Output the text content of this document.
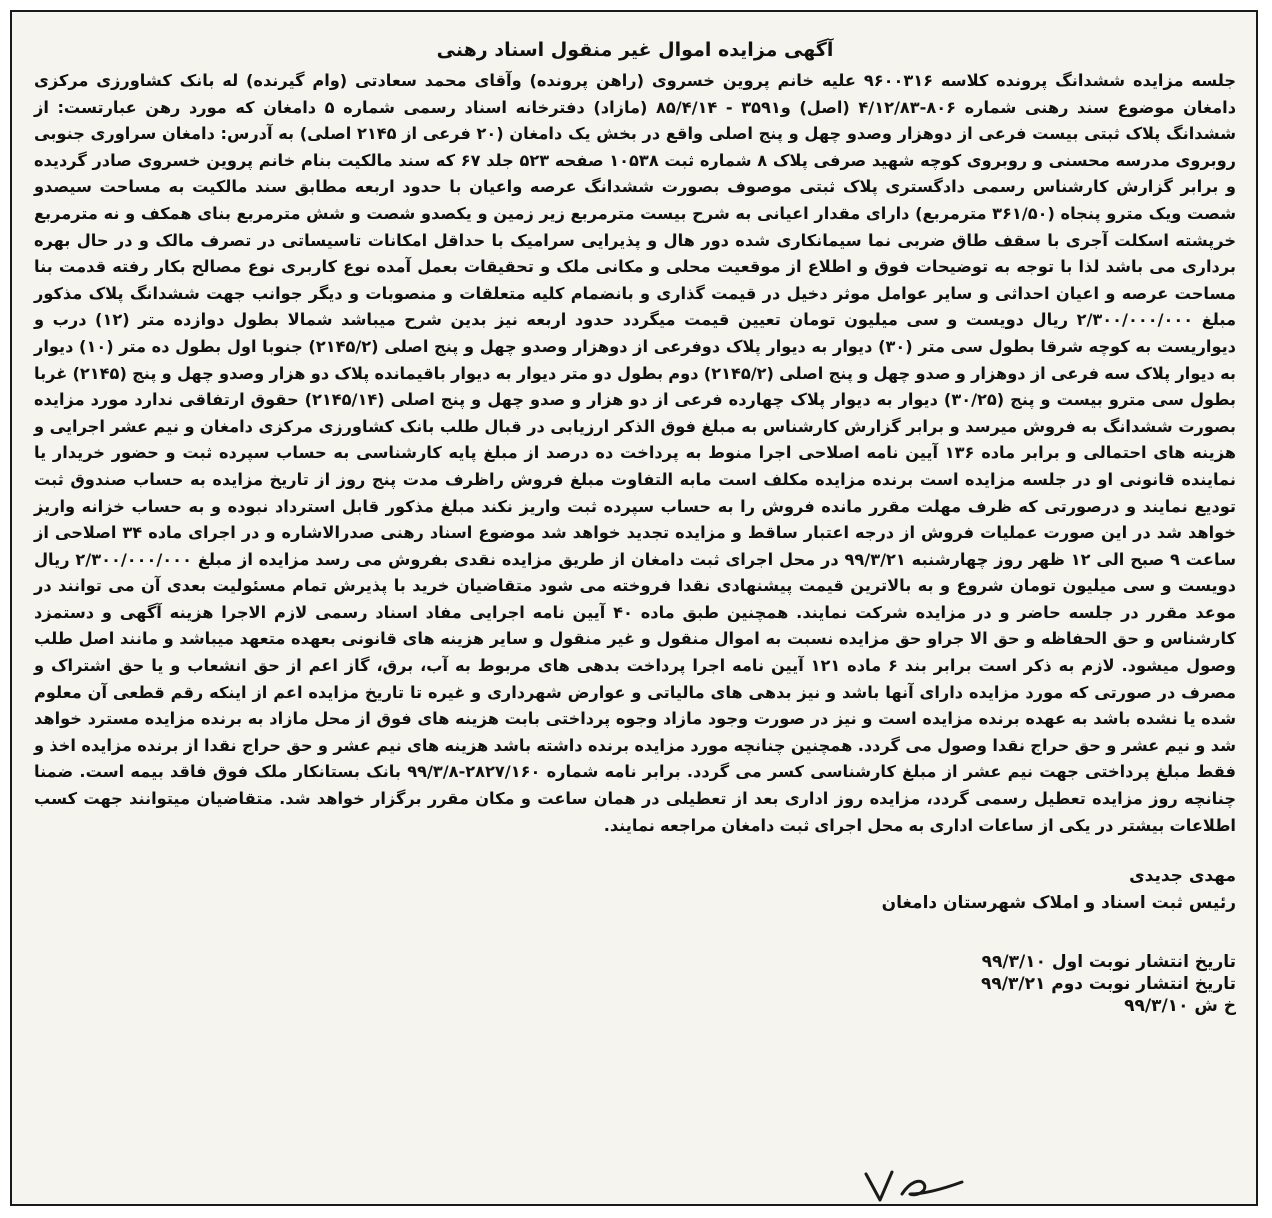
آگهی مزایده اموال غیر منقول اسناد رهنی

جلسه مزایده ششدانگ پرونده کلاسه ۹۶۰۰۳۱۶ علیه خانم پروین خسروی (راهن پرونده) وآقای محمد سعادتی (وام گیرنده) له بانک کشاورزی مرکزی دامغان موضوع سند رهنی شماره ۸۰۶-۴/۱۲/۸۳ (اصل) و۳۵۹۱ - ۸۵/۴/۱۴ (مازاد) دفترخانه اسناد رسمی شماره ۵ دامغان که مورد رهن عبارتست: از ششدانگ پلاک ثبتی بیست فرعی از دوهزار وصدو چهل و پنج اصلی واقع در بخش یک دامغان (۲۰ فرعی از ۲۱۴۵ اصلی) به آدرس: دامغان سراوری جنوبی روبروی مدرسه محسنی و روبروی کوچه شهید صرفی پلاک ۸ شماره ثبت ۱۰۵۳۸ صفحه ۵۲۳ جلد ۶۷ که سند مالکیت بنام خانم پروین خسروی صادر گردیده و برابر گزارش کارشناس رسمی دادگستری پلاک ثبتی موصوف بصورت ششدانگ عرصه واعیان با حدود اربعه مطابق سند مالکیت به مساحت سیصدو شصت ویک مترو پنجاه (۳۶۱/۵۰ مترمربع) دارای مقدار اعیانی به شرح بیست مترمربع زیر زمین و یکصدو شصت و شش مترمربع بنای همکف و نه مترمربع خرپشته اسکلت آجری با سقف طاق ضربی نما سیمانکاری شده دور هال و پذیرایی سرامیک با حداقل امکانات تاسیساتی در تصرف مالک و در حال بهره برداری می باشد لذا با توجه به توضیحات فوق و اطلاع از موقعیت محلی و مکانی ملک و تحقیقات بعمل آمده نوع کاربری نوع مصالح بکار رفته قدمت بنا مساحت عرصه و اعیان احداثی و سایر عوامل موثر دخیل در قیمت گذاری و بانضمام کلیه متعلقات و منصوبات و دیگر جوانب جهت ششدانگ پلاک مذکور مبلغ ۲/۳۰۰/۰۰۰/۰۰۰ ریال دویست و سی میلیون تومان تعیین قیمت میگردد حدود اربعه نیز بدین شرح میباشد شمالا بطول دوازده متر (۱۲) درب و دیواریست به کوچه شرقا بطول سی متر (۳۰) دیوار به دیوار پلاک دوفرعی از دوهزار وصدو چهل و پنج اصلی (۲۱۴۵/۲) جنوبا اول بطول ده متر (۱۰) دیوار به دیوار پلاک سه فرعی از دوهزار و صدو چهل و پنج اصلی (۲۱۴۵/۲) دوم بطول دو متر دیوار به دیوار باقیمانده پلاک دو هزار وصدو چهل و پنج (۲۱۴۵) غربا بطول سی مترو بیست و پنج (۳۰/۲۵) دیوار به دیوار پلاک چهارده فرعی از دو هزار و صدو چهل و پنج اصلی (۲۱۴۵/۱۴) حقوق ارتفاقی ندارد مورد مزایده بصورت ششدانگ به فروش میرسد و برابر گزارش کارشناس به مبلغ فوق الذکر ارزیابی در قبال طلب بانک کشاورزی مرکزی دامغان و نیم عشر اجرایی و هزینه های احتمالی و برابر ماده ۱۳۶ آیین نامه اصلاحی اجرا منوط به پرداخت ده درصد از مبلغ پایه کارشناسی به حساب سپرده ثبت و حضور خریدار یا نماینده قانونی او در جلسه مزایده است برنده مزایده مکلف است مابه التفاوت مبلغ فروش راظرف مدت پنج روز از تاریخ مزایده به حساب صندوق ثبت تودیع نمایند و درصورتی که ظرف مهلت مقرر مانده فروش را به حساب سپرده ثبت واریز نکند مبلغ مذکور قابل استرداد نبوده و به حساب خزانه واریز خواهد شد در این صورت عملیات فروش از درجه اعتبار ساقط و مزایده تجدید خواهد شد موضوع اسناد رهنی صدرالاشاره و در اجرای ماده ۳۴ اصلاحی از ساعت ۹ صبح الی ۱۲ ظهر روز چهارشنبه ۹۹/۳/۲۱ در محل اجرای ثبت دامغان از طریق مزایده نقدی بفروش می رسد مزایده از مبلغ ۲/۳۰۰/۰۰۰/۰۰۰ ریال دویست و سی میلیون تومان شروع و به بالاترین قیمت پیشنهادی نقدا فروخته می شود متقاضیان خرید با پذیرش تمام مسئولیت بعدی آن می توانند در موعد مقرر در جلسه حاضر و در مزایده شرکت نمایند. همچنین طبق ماده ۴۰ آیین نامه اجرایی مفاد اسناد رسمی لازم الاجرا هزینه آگهی و دستمزد کارشناس و حق الحفاظه و حق الا جراو حق مزایده نسبت به اموال منقول و غیر منقول و سایر هزینه های قانونی بعهده متعهد میباشد و مانند اصل طلب وصول میشود. لازم به ذکر است برابر بند ۶ ماده ۱۲۱ آیین نامه اجرا پرداخت بدهی های مربوط به آب، برق، گاز اعم از حق انشعاب و یا حق اشتراک و مصرف در صورتی که مورد مزایده دارای آنها باشد و نیز بدهی های مالیاتی و عوارض شهرداری و غیره تا تاریخ مزایده اعم از اینکه رقم قطعی آن معلوم شده یا نشده باشد به عهده برنده مزایده است و نیز در صورت وجود مازاد وجوه پرداختی بابت هزینه های فوق از محل مازاد به برنده مزایده مسترد خواهد شد و نیم عشر و حق حراج نقدا وصول می گردد. همچنین چنانچه مورد مزایده برنده داشته باشد هزینه های نیم عشر و حق حراج نقدا از برنده مزایده اخذ و فقط مبلغ پرداختی جهت نیم عشر از مبلغ کارشناسی کسر می گردد. برابر نامه شماره ۲۸۲۷/۱۶۰-۹۹/۳/۸ بانک بستانکار ملک فوق فاقد بیمه است. ضمنا چنانچه روز مزایده تعطیل رسمی گردد، مزایده روز اداری بعد از تعطیلی در همان ساعت و مکان مقرر برگزار خواهد شد. متقاضیان میتوانند جهت کسب اطلاعات بیشتر در یکی از ساعات اداری به محل اجرای ثبت دامغان مراجعه نمایند.

مهدی جدیدی
رئیس ثبت اسناد و املاک شهرستان دامغان
تاریخ انتشار نوبت اول ۹۹/۳/۱۰
تاریخ انتشار نوبت دوم ۹۹/۳/۲۱
خ ش ۹۹/۳/۱۰
